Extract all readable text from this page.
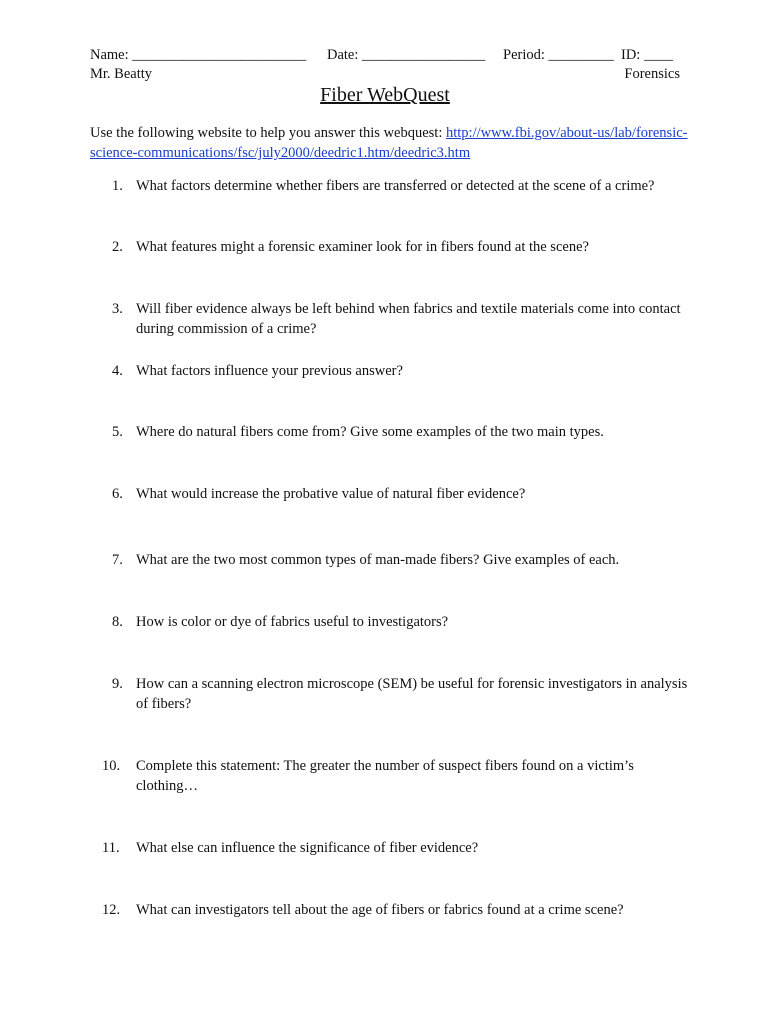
Name: ________________________ Date: _________________ Period: _________ ID: ____
Mr. Beatty	Forensics
Fiber WebQuest
Use the following website to help you answer this webquest: http://www.fbi.gov/about-us/lab/forensic-science-communications/fsc/july2000/deedric1.htm/deedric3.htm
1. What factors determine whether fibers are transferred or detected at the scene of a crime?
2. What features might a forensic examiner look for in fibers found at the scene?
3. Will fiber evidence always be left behind when fabrics and textile materials come into contact during commission of a crime?
4. What factors influence your previous answer?
5. Where do natural fibers come from? Give some examples of the two main types.
6. What would increase the probative value of natural fiber evidence?
7. What are the two most common types of man-made fibers? Give examples of each.
8. How is color or dye of fabrics useful to investigators?
9. How can a scanning electron microscope (SEM) be useful for forensic investigators in analysis of fibers?
10. Complete this statement: The greater the number of suspect fibers found on a victim’s clothing…
11.	What else can influence the significance of fiber evidence?
12. What can investigators tell about the age of fibers or fabrics found at a crime scene?
